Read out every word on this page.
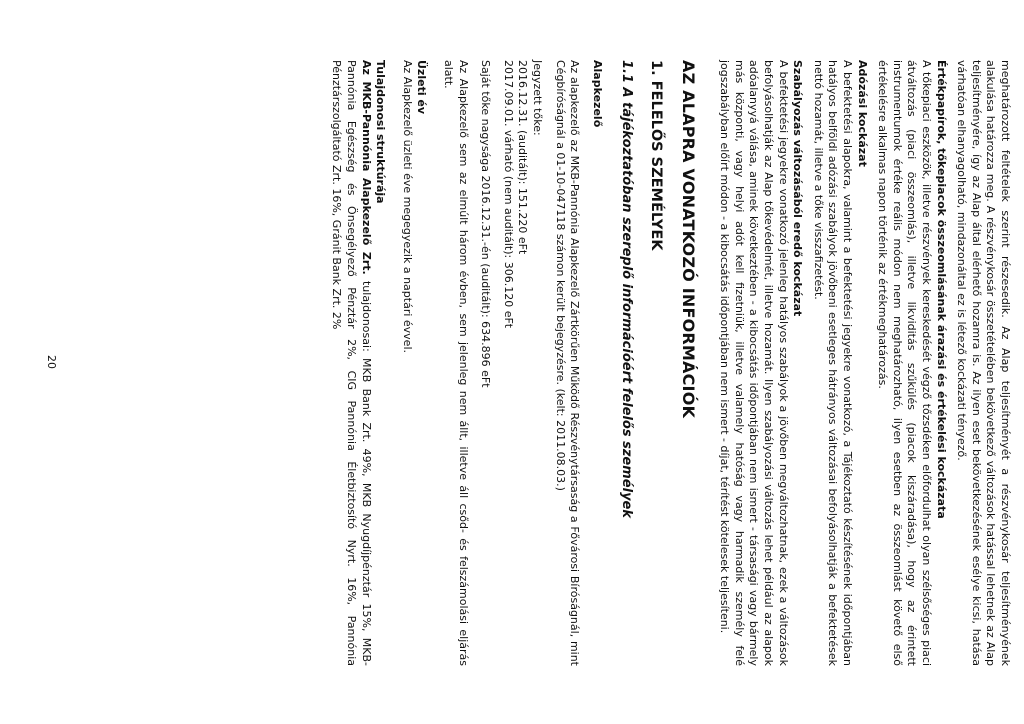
meghatározott feltételek szerint részesedik. Az Alap teljesítményét a részvénykosár teljesítményének alakulása határozza meg. A részvénykosár összetételében bekövetkező változások hatással lehetnek az Alap teljesítményére, így az Alap által elérhető hozamra is. Az ilyen eset bekövetkezésének esélye kicsi, hatása várhatóan elhanyagolható, mindazonáltal ez is létező kockázati tényező.

Értékpapírok, tőkepiacok összeomlásának árazási és értékelési kockázata

A tőkepiaci eszközök, illetve részvények kereskedését végző tőzsdéken előfordulhat olyan szélsőséges piaci átváltozás (piaci összeomlás), illetve likviditás szűkülés (piacok kiszáradása), hogy az érintett instrumentumok értéke reális módon nem meghatározható, ilyen esetben az összeomlást követő első értékelésre alkalmas napon történik az értékmeghatározás.

Adózási kockázat

A befektetési alapokra, valamint a befektetési jegyekre vonatkozó, a Tájékoztató készítésének időpontjában hatályos belföldi adózási szabályok jövőbeni esetleges hátrányos változásai befolyásolhatják a befektetések nettó hozamát, illetve a tőke visszafizetést.

Szabályozás változásából eredő kockázat

A befektetési jegyekre vonatkozó jelenleg hatályos szabályok a jövőben megváltozhatnak, ezek a változások befolyásolhatják az Alap tőkevédelmét, illetve hozamát. Ilyen szabályozási változás lehet például az alapok adóalanyyá válása, aminek következtében - a kibocsátás időpontjában nem ismert - társasági vagy bármely más központi, vagy helyi adót kell fizetniük, illetve valamely hatóság vagy harmadik személy felé jogszabályban előírt módon - a kibocsátás időpontjában nem ismert - díjat, térítést kötelesek teljesíteni.

AZ ALAPRA VONATKOZÓ INFORMÁCIÓK
1. FELELŐS SZEMÉLYEK
1.1 A tájékoztatóban szereplő információért felelős személyek

Alapkezelő

Az alapkezelő az MKB-Pannónia Alapkezelő Zártkörűen Működő Részvénytársaság a Fővárosi Bíróságnál, mint Cégbíróságnál a 01-10-047118 számon került bejegyzésre. (kelt: 2011.08.03.)

Jegyzett tőke:

2016.12.31. (auditált): 151.220 eFt

2017.09.01. várható (nem auditált): 306.120 eFt

Saját tőke nagysága 2016.12.31.-én (auditált): 634.896 eFt

Az Alapkezelő sem az elmúlt három évben, sem jelenleg nem állt, illetve áll csőd- és felszámolási eljárás alatt.

Üzleti év

Az Alapkezelő üzleti éve megegyezik a naptári évvel.

Tulajdonosi struktúrája

Az MKB-Pannónia Alapkezelő Zrt. tulajdonosai: MKB Bank Zrt. 49%, MKB Nyugdíjpénztár 15%, MKB-Pannónia Egészség és Önsegélyező Pénztár 2%, CIG Pannónia Életbiztosító Nyrt. 16%, Pannónia Pénztárszolgáltató Zrt. 16%, Gránit Bank Zrt. 2%

20
